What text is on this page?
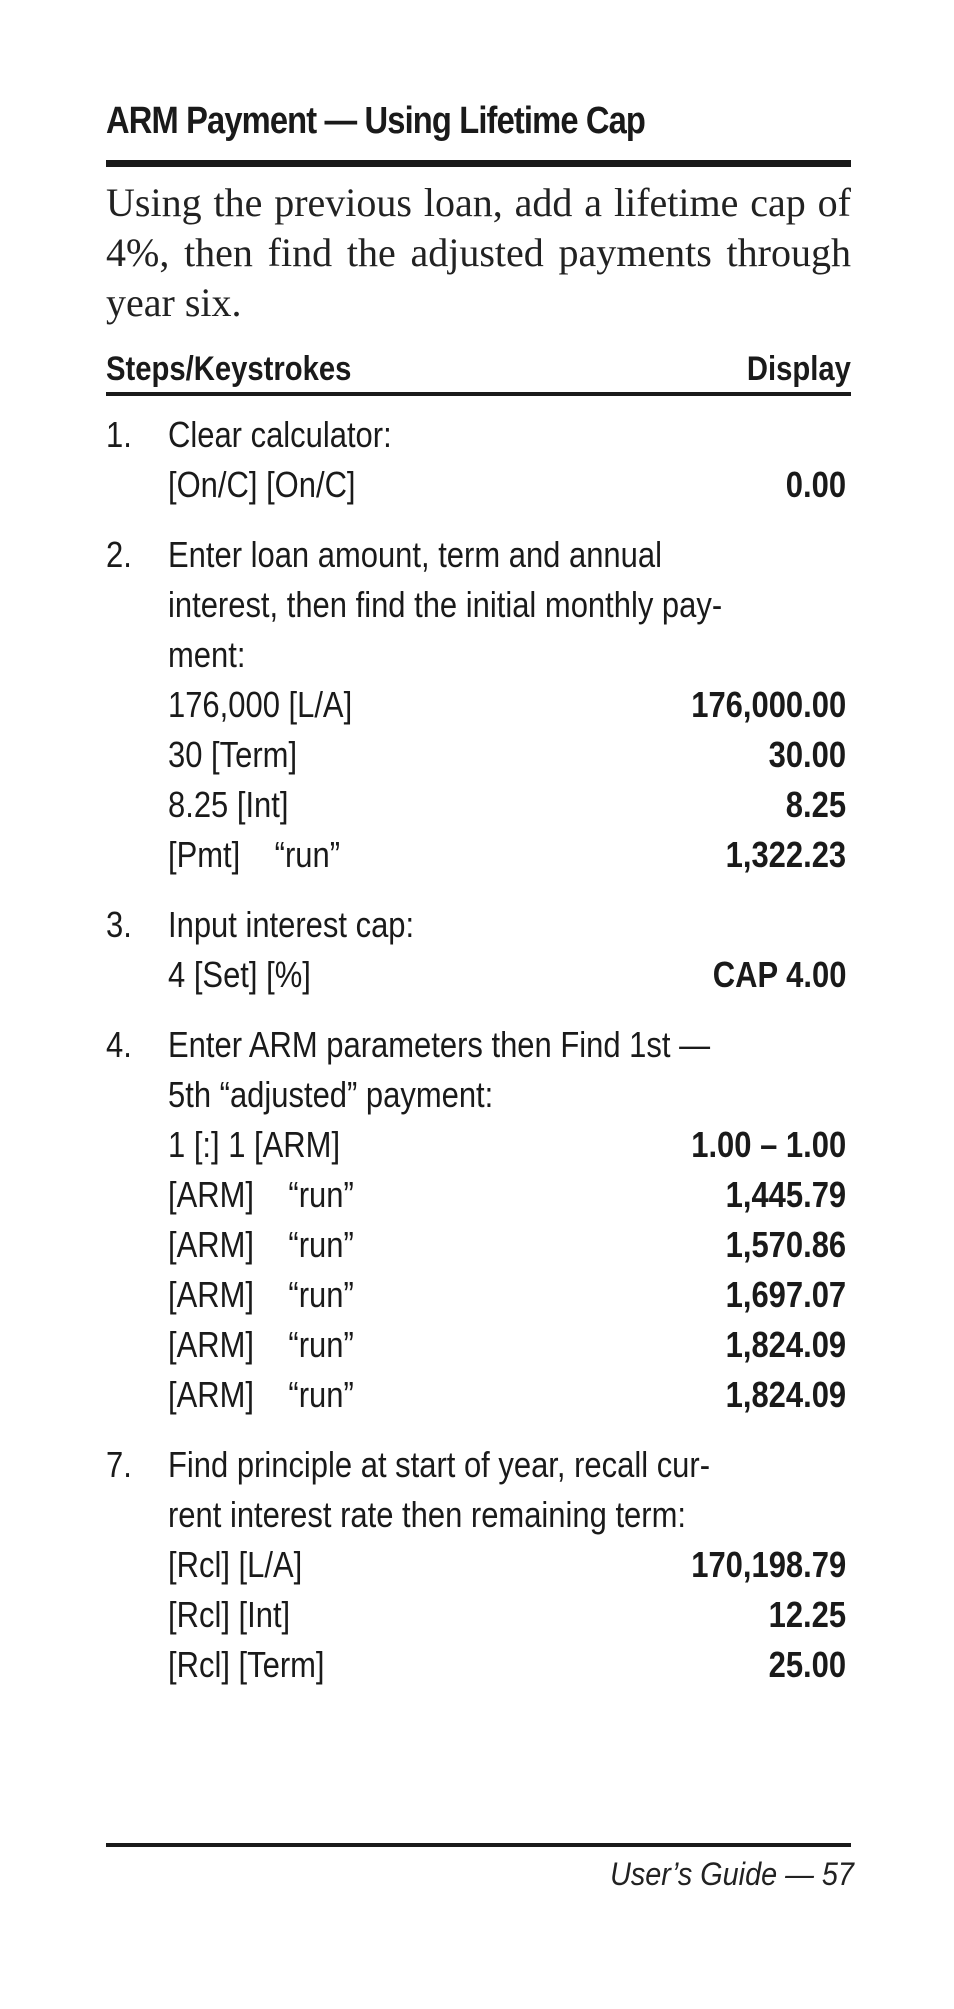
ARM Payment — Using Lifetime Cap
Using the previous loan, add a lifetime cap of 4%, then find the adjusted payments through year six.
Steps/Keystrokes	Display
1. Clear calculator:
[On/C] [On/C]	0.00
2. Enter loan amount, term and annual
interest, then find the initial monthly pay-
ment:
176,000 [L/A]	176,000.00
30 [Term]	30.00
8.25 [Int]	8.25
[Pmt]    “run”	1,322.23
3. Input interest cap:
4 [Set] [%]	CAP 4.00
4. Enter ARM parameters then Find 1st —
5th “adjusted” payment:
1 [:] 1 [ARM]	1.00 – 1.00
[ARM]    “run”	1,445.79
[ARM]    “run”	1,570.86
[ARM]    “run”	1,697.07
[ARM]    “run”	1,824.09
[ARM]    “run”	1,824.09
7. Find principle at start of year, recall cur-
rent interest rate then remaining term:
[Rcl] [L/A]	170,198.79
[Rcl] [Int]	12.25
[Rcl] [Term]	25.00
User’s Guide — 57
